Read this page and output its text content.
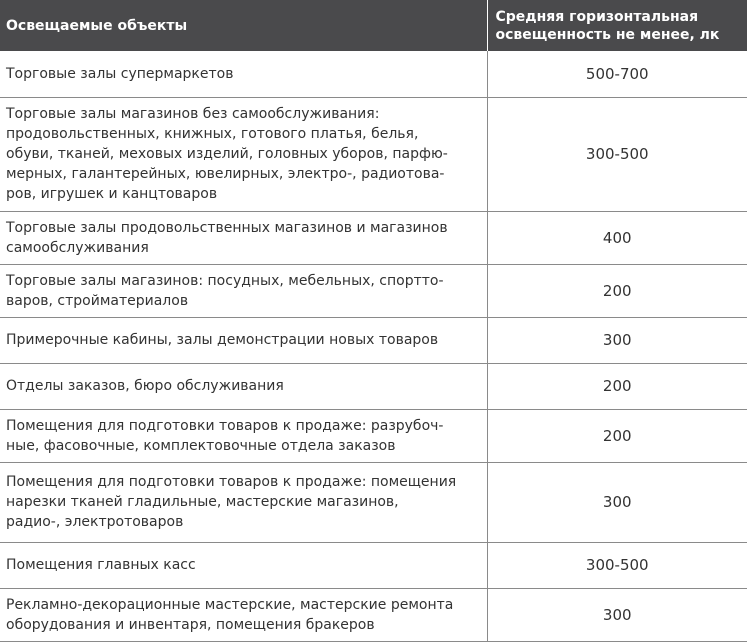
Освещаемые объекты	Средняя горизонтальная освещенность не менее, лк

Торговые залы супермаркетов	500-700

Торговые залы магазинов без самообслуживания:
продовольственных, книжных, готового платья, белья,
обуви, тканей, меховых изделий, головных уборов, парфю-
мерных, галантерейных, ювелирных, электро-, радиотова-
ров, игрушек и канцтоваров	300-500

Торговые залы продовольственных магазинов и магазинов
самообслуживания	400

Торговые залы магазинов: посудных, мебельных, спортто-
варов, стройматериалов	200

Примерочные кабины, залы демонстрации новых товаров	300

Отделы заказов, бюро обслуживания	200

Помещения для подготовки товаров к продаже: разрубоч-
ные, фасовочные, комплектовочные отдела заказов	200

Помещения для подготовки товаров к продаже: помещения
нарезки тканей гладильные, мастерские магазинов,
радио-, электротоваров	300

Помещения главных касс	300-500

Рекламно-декорационные мастерские, мастерские ремонта
оборудования и инвентаря, помещения бракеров	300
